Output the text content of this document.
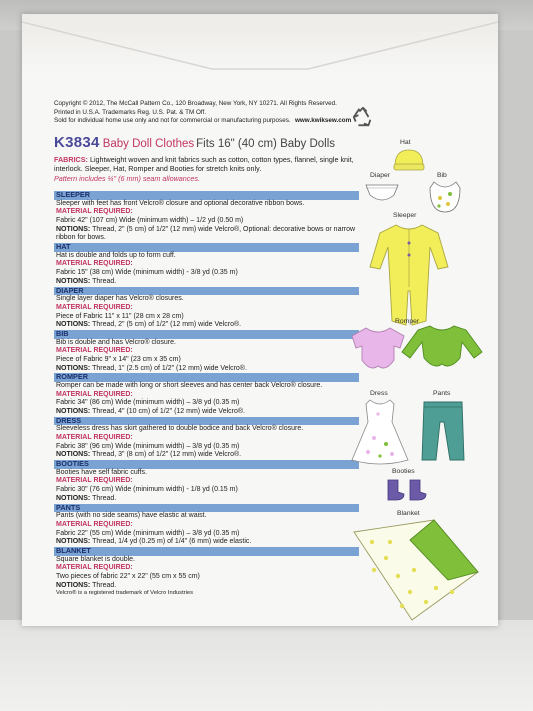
Copyright © 2012, The McCall Pattern Co., 120 Broadway, New York, NY 10271. All Rights Reserved.
Printed in U.S.A. Trademarks Reg. U.S. Pat. & TM Off.
Sold for individual home use only and not for commercial or manufacturing purposes. www.kwiksew.com
K3834 Baby Doll Clothes Fits 16" (40 cm) Baby Dolls
FABRICS: Lightweight woven and knit fabrics such as cotton, cotton types, flannel, single knit, interlock. Sleeper, Hat, Romper and Booties for stretch knits only.
Pattern includes ¼" (6 mm) seam allowances.
SLEEPER
Sleeper with feet has front Velcro® closure and optional decorative ribbon bows.
MATERIAL REQUIRED:
Fabric 42" (107 cm) Wide (minimum width) – 1/2 yd (0.50 m)
NOTIONS: Thread, 2" (5 cm) of 1/2" (12 mm) wide Velcro®, Optional: decorative bows or narrow ribbon for bows.
HAT
Hat is double and folds up to form cuff.
MATERIAL REQUIRED:
Fabric 15" (38 cm) Wide (minimum width) - 3/8 yd (0.35 m)
NOTIONS: Thread.
DIAPER
Single layer diaper has Velcro® closures.
MATERIAL REQUIRED:
Piece of Fabric 11" x 11" (28 cm x 28 cm)
NOTIONS: Thread, 2" (5 cm) of 1/2" (12 mm) wide Velcro®.
BIB
Bib is double and has Velcro® closure.
MATERIAL REQUIRED:
Piece of Fabric 9" x 14" (23 cm x 35 cm)
NOTIONS: Thread, 1" (2.5 cm) of 1/2" (12 mm) wide Velcro®.
ROMPER
Romper can be made with long or short sleeves and has center back Velcro® closure.
MATERIAL REQUIRED:
Fabric 34" (86 cm) Wide (minimum width) – 3/8 yd (0.35 m)
NOTIONS: Thread, 4" (10 cm) of 1/2" (12 mm) wide Velcro®.
DRESS
Sleeveless dress has skirt gathered to double bodice and back Velcro® closure.
MATERIAL REQUIRED:
Fabric 38" (96 cm) Wide (minimum width) – 3/8 yd (0.35 m)
NOTIONS: Thread, 3" (8 cm) of 1/2" (12 mm) wide Velcro®.
BOOTIES
Booties have self fabric cuffs.
MATERIAL REQUIRED:
Fabric 30" (76 cm) Wide (minimum width) - 1/8 yd (0.15 m)
NOTIONS: Thread.
PANTS
Pants (with no side seams) have elastic at waist.
MATERIAL REQUIRED:
Fabric 22" (55 cm) Wide (minimum width) – 3/8 yd (0.35 m)
NOTIONS: Thread, 1/4 yd (0.25 m) of 1/4" (6 mm) wide elastic.
BLANKET
Square blanket is double.
MATERIAL REQUIRED:
Two pieces of fabric 22" x 22" (55 cm x 55 cm)
NOTIONS: Thread.
Velcro® is a registered trademark of Velcro Industries
Hat
Diaper	Bib
Sleeper
Romper
Dress	Pants
Booties
Blanket
